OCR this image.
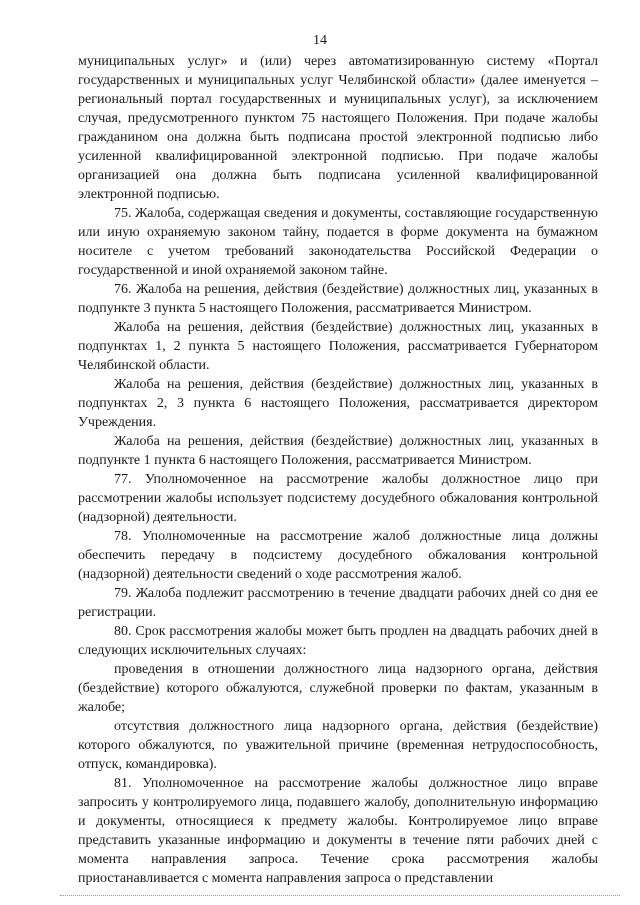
14

муниципальных услуг» и (или) через автоматизированную систему «Портал государственных и муниципальных услуг Челябинской области» (далее именуется – региональный портал государственных и муниципальных услуг), за исключением случая, предусмотренного пунктом 75 настоящего Положения. При подаче жалобы гражданином она должна быть подписана простой электронной подписью либо усиленной квалифицированной электронной подписью. При подаче жалобы организацией она должна быть подписана усиленной квалифицированной электронной подписью.

75. Жалоба, содержащая сведения и документы, составляющие государственную или иную охраняемую законом тайну, подается в форме документа на бумажном носителе с учетом требований законодательства Российской Федерации о государственной и иной охраняемой законом тайне.

76. Жалоба на решения, действия (бездействие) должностных лиц, указанных в подпункте 3 пункта 5 настоящего Положения, рассматривается Министром.

Жалоба на решения, действия (бездействие) должностных лиц, указанных в подпунктах 1, 2 пункта 5 настоящего Положения, рассматривается Губернатором Челябинской области.

Жалоба на решения, действия (бездействие) должностных лиц, указанных в подпунктах 2, 3 пункта 6 настоящего Положения, рассматривается директором Учреждения.

Жалоба на решения, действия (бездействие) должностных лиц, указанных в подпункте 1 пункта 6 настоящего Положения, рассматривается Министром.

77. Уполномоченное на рассмотрение жалобы должностное лицо при рассмотрении жалобы использует подсистему досудебного обжалования контрольной (надзорной) деятельности.

78. Уполномоченные на рассмотрение жалоб должностные лица должны обеспечить передачу в подсистему досудебного обжалования контрольной (надзорной) деятельности сведений о ходе рассмотрения жалоб.

79. Жалоба подлежит рассмотрению в течение двадцати рабочих дней со дня ее регистрации.

80. Срок рассмотрения жалобы может быть продлен на двадцать рабочих дней в следующих исключительных случаях:

проведения в отношении должностного лица надзорного органа, действия (бездействие) которого обжалуются, служебной проверки по фактам, указанным в жалобе;

отсутствия должностного лица надзорного органа, действия (бездействие) которого обжалуются, по уважительной причине (временная нетрудоспособность, отпуск, командировка).

81. Уполномоченное на рассмотрение жалобы должностное лицо вправе запросить у контролируемого лица, подавшего жалобу, дополнительную информацию и документы, относящиеся к предмету жалобы. Контролируемое лицо вправе представить указанные информацию и документы в течение пяти рабочих дней с момента направления запроса. Течение срока рассмотрения жалобы приостанавливается с момента направления запроса о представлении
